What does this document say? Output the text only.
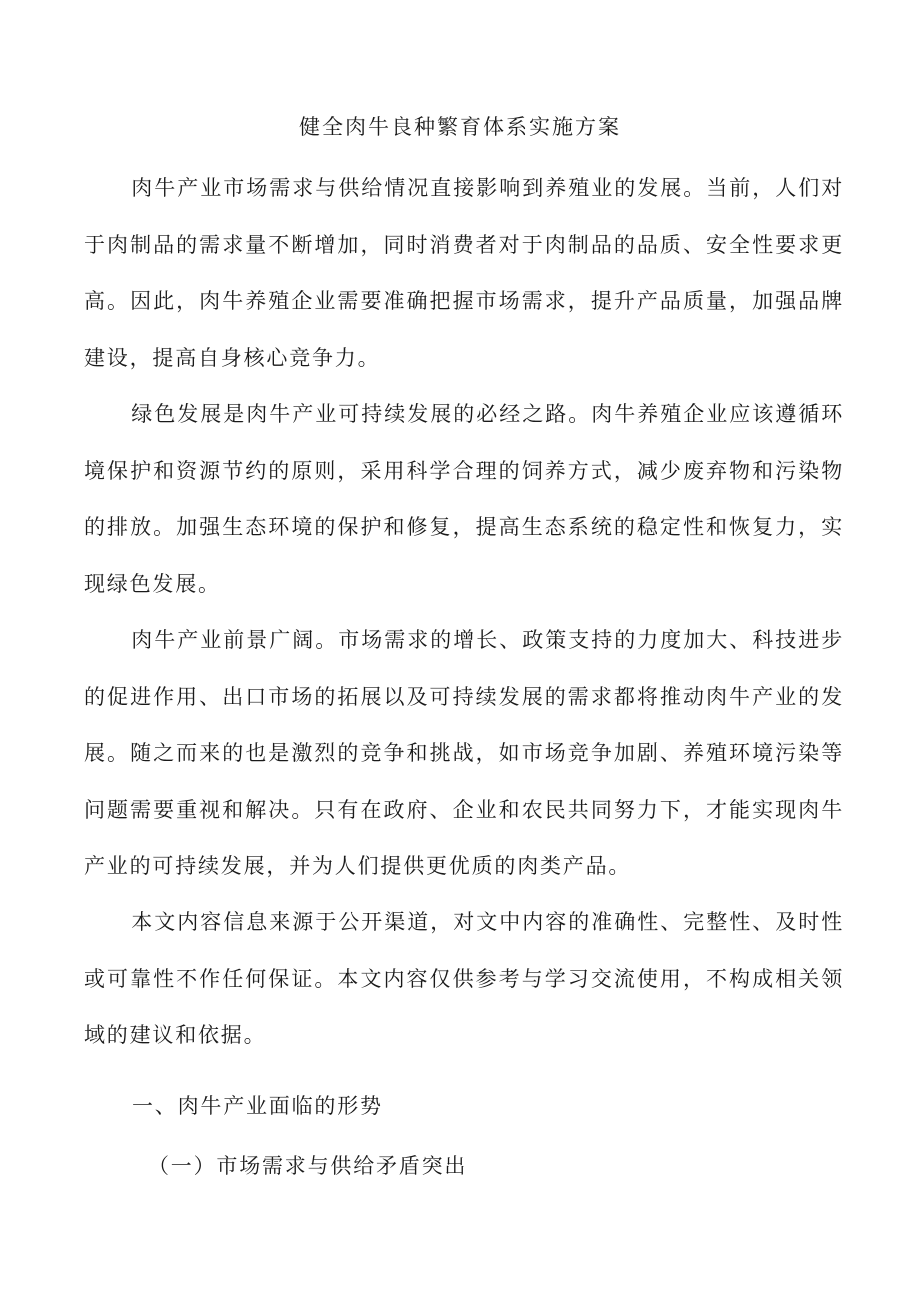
健全肉牛良种繁育体系实施方案
肉牛产业市场需求与供给情况直接影响到养殖业的发展。当前，人们对于肉制品的需求量不断增加，同时消费者对于肉制品的品质、安全性要求更高。因此，肉牛养殖企业需要准确把握市场需求，提升产品质量，加强品牌建设，提高自身核心竞争力。
绿色发展是肉牛产业可持续发展的必经之路。肉牛养殖企业应该遵循环境保护和资源节约的原则，采用科学合理的饲养方式，减少废弃物和污染物的排放。加强生态环境的保护和修复，提高生态系统的稳定性和恢复力，实现绿色发展。
肉牛产业前景广阔。市场需求的增长、政策支持的力度加大、科技进步的促进作用、出口市场的拓展以及可持续发展的需求都将推动肉牛产业的发展。随之而来的也是激烈的竞争和挑战，如市场竞争加剧、养殖环境污染等问题需要重视和解决。只有在政府、企业和农民共同努力下，才能实现肉牛产业的可持续发展，并为人们提供更优质的肉类产品。
本文内容信息来源于公开渠道，对文中内容的准确性、完整性、及时性或可靠性不作任何保证。本文内容仅供参考与学习交流使用，不构成相关领域的建议和依据。
一、肉牛产业面临的形势
（一）市场需求与供给矛盾突出
